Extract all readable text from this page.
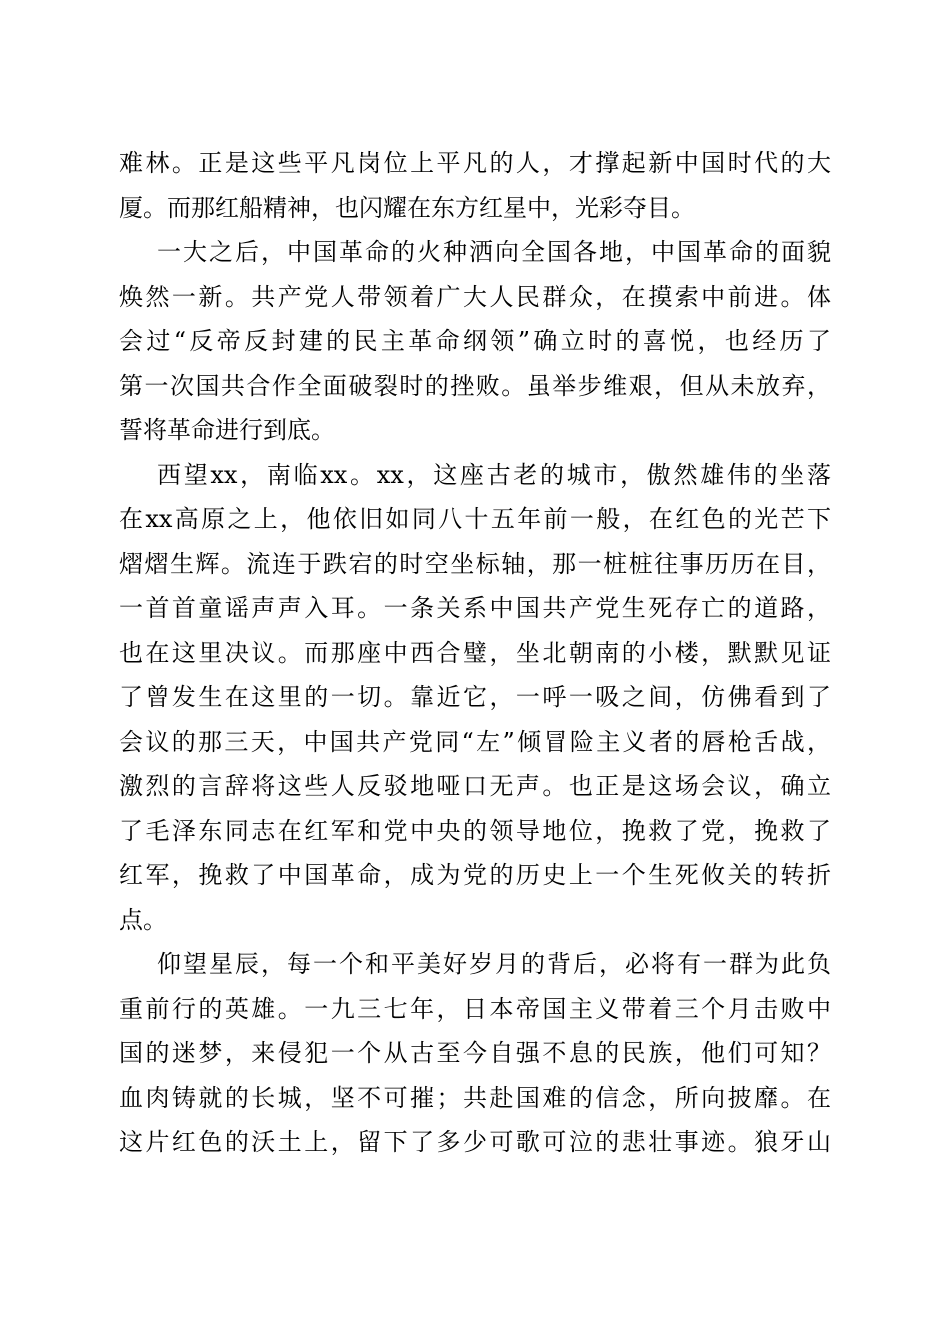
难林。正是这些平凡岗位上平凡的人，才撑起新中国时代的大
厦。而那红船精神，也闪耀在东方红星中，光彩夺目。
一大之后，中国革命的火种洒向全国各地，中国革命的面貌
焕然一新。共产党人带领着广大人民群众，在摸索中前进。体
会过“反帝反封建的民主革命纲领”确立时的喜悦，也经历了
第一次国共合作全面破裂时的挫败。虽举步维艰，但从未放弃，
誓将革命进行到底。
西望xx，南临xx。xx，这座古老的城市，傲然雄伟的坐落
在xx高原之上，他依旧如同八十五年前一般，在红色的光芒下
熠熠生辉。流连于跌宕的时空坐标轴，那一桩桩往事历历在目，
一首首童谣声声入耳。一条关系中国共产党生死存亡的道路，
也在这里决议。而那座中西合璧，坐北朝南的小楼，默默见证
了曾发生在这里的一切。靠近它，一呼一吸之间，仿佛看到了
会议的那三天，中国共产党同“左”倾冒险主义者的唇枪舌战，
激烈的言辞将这些人反驳地哑口无声。也正是这场会议，确立
了毛泽东同志在红军和党中央的领导地位，挽救了党，挽救了
红军，挽救了中国革命，成为党的历史上一个生死攸关的转折
点。
仰望星辰，每一个和平美好岁月的背后，必将有一群为此负
重前行的英雄。一九三七年，日本帝国主义带着三个月击败中
国的迷梦，来侵犯一个从古至今自强不息的民族，他们可知？
血肉铸就的长城，坚不可摧；共赴国难的信念，所向披靡。在
这片红色的沃土上，留下了多少可歌可泣的悲壮事迹。狼牙山
